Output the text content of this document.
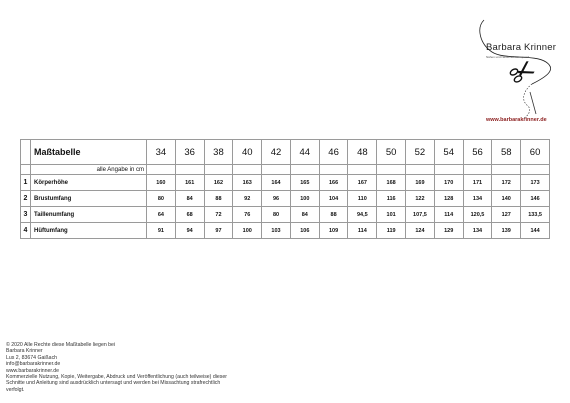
Barbara Krinner
Nähen und Nessmethodenportal
www.barbarakrinner.de
	Maßtabelle	34	36	38	40	42	44	46	48	50	52	54	56	58	60
	alle Angabe in cm														
1	Körperhöhe	160	161	162	163	164	165	166	167	168	169	170	171	172	173
2	Brustumfang	80	84	88	92	96	100	104	110	116	122	128	134	140	146
3	Taillenumfang	64	68	72	76	80	84	88	94,5	101	107,5	114	120,5	127	133,5
4	Hüftumfang	91	94	97	100	103	106	109	114	119	124	129	134	139	144
© 2020 Alle Rechte diese Maßtabelle liegen bei
Barbara Krinner
Lus 2, 83674 Gaißach
info@barbarakrinner.de
www.barbarakrinner.de
Kommerzielle Nutzung, Kopie, Weitergabe, Abdruck und Veröffentlichung (auch teilweise) dieser
Schnitte und Anleitung sind ausdrücklich untersagt und werden bei Missachtung strafrechtlich
verfolgt.
